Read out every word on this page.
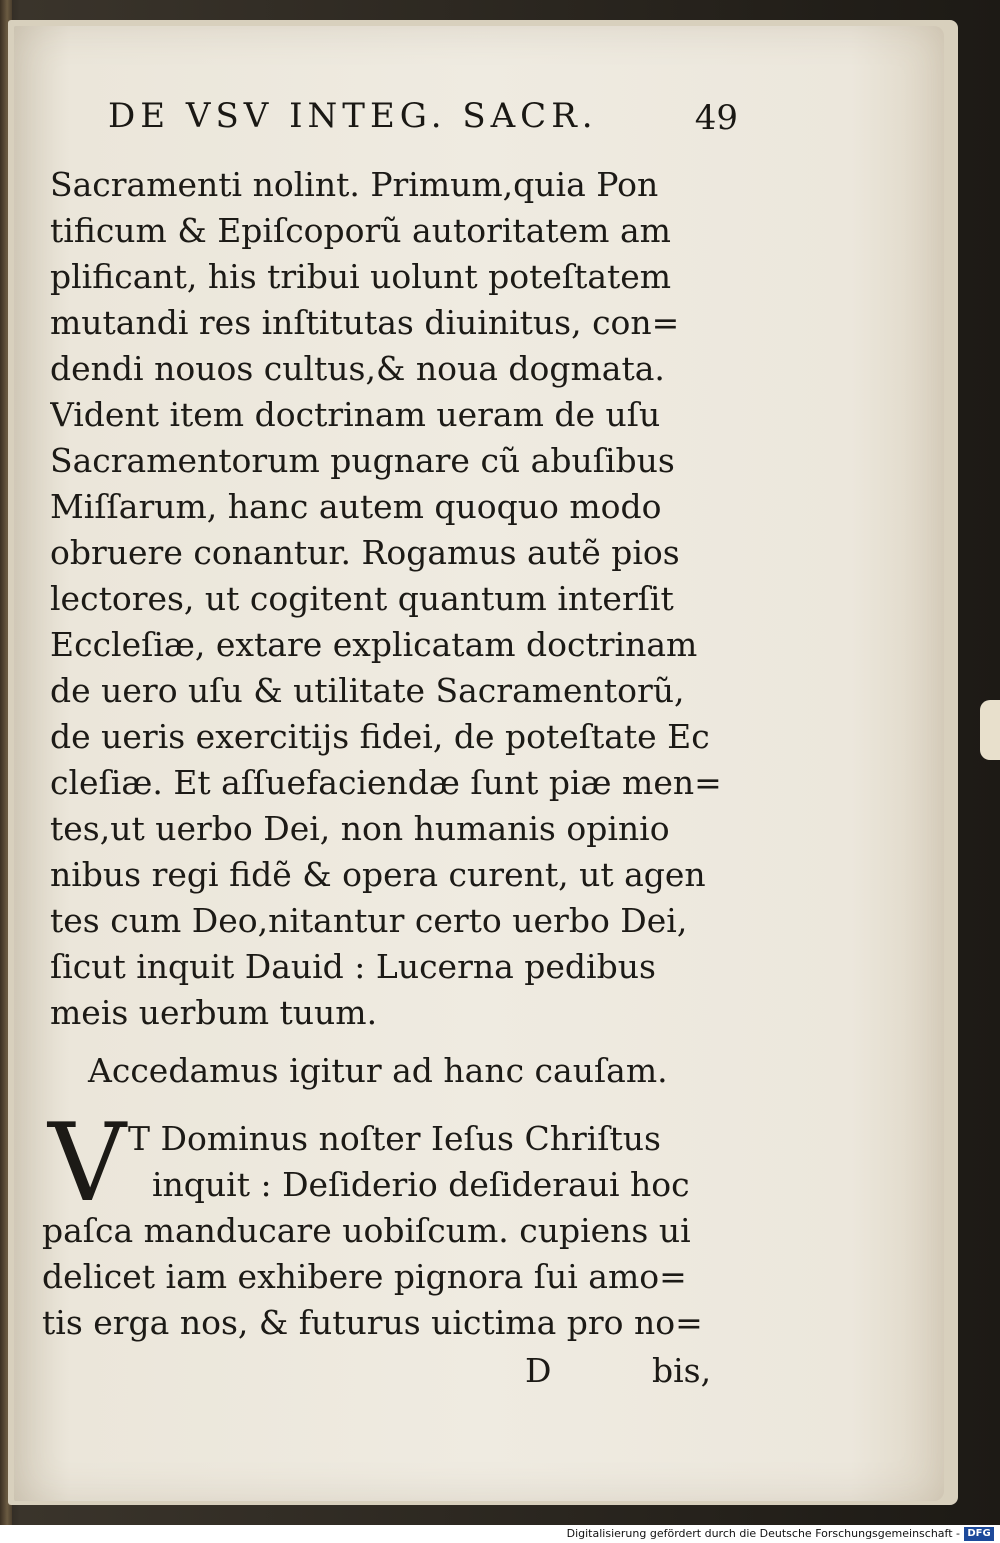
DE VSV INTEG. SACR.	49
Sacramenti nolint. Primum,quia Pon
tificum & Epiſcoporũ autoritatem am
plificant, his tribui uolunt poteſtatem
mutandi res inſtitutas diuinitus, con=
dendi nouos cultus,& noua dogmata.
Vident item doctrinam ueram de uſu
Sacramentorum pugnare cũ abuſibus
Miſſarum, hanc autem quoquo modo
obruere conantur. Rogamus autẽ pios
lectores, ut cogitent quantum interſit
Eccleſiæ, extare explicatam doctrinam
de uero uſu & utilitate Sacramentorũ,
de ueris exercitijs fidei, de poteſtate Ec
cleſiæ. Et aſſuefaciendæ ſunt piæ men=
tes,ut uerbo Dei, non humanis opinio
nibus regi fidẽ & opera curent, ut agen
tes cum Deo,nitantur certo uerbo Dei,
ſicut inquit Dauid : Lucerna pedibus
meis uerbum tuum.
Accedamus igitur ad hanc cauſam.
V T Dominus noſter Ieſus Chriſtus
inquit : Deſiderio deſideraui hoc
paſca manducare uobiſcum. cupiens ui
delicet iam exhibere pignora ſui amo=
tis erga nos, & futurus uictima pro no=
D	bis,
Digitalisierung gefördert durch die Deutsche Forschungsgemeinschaft - DFG
